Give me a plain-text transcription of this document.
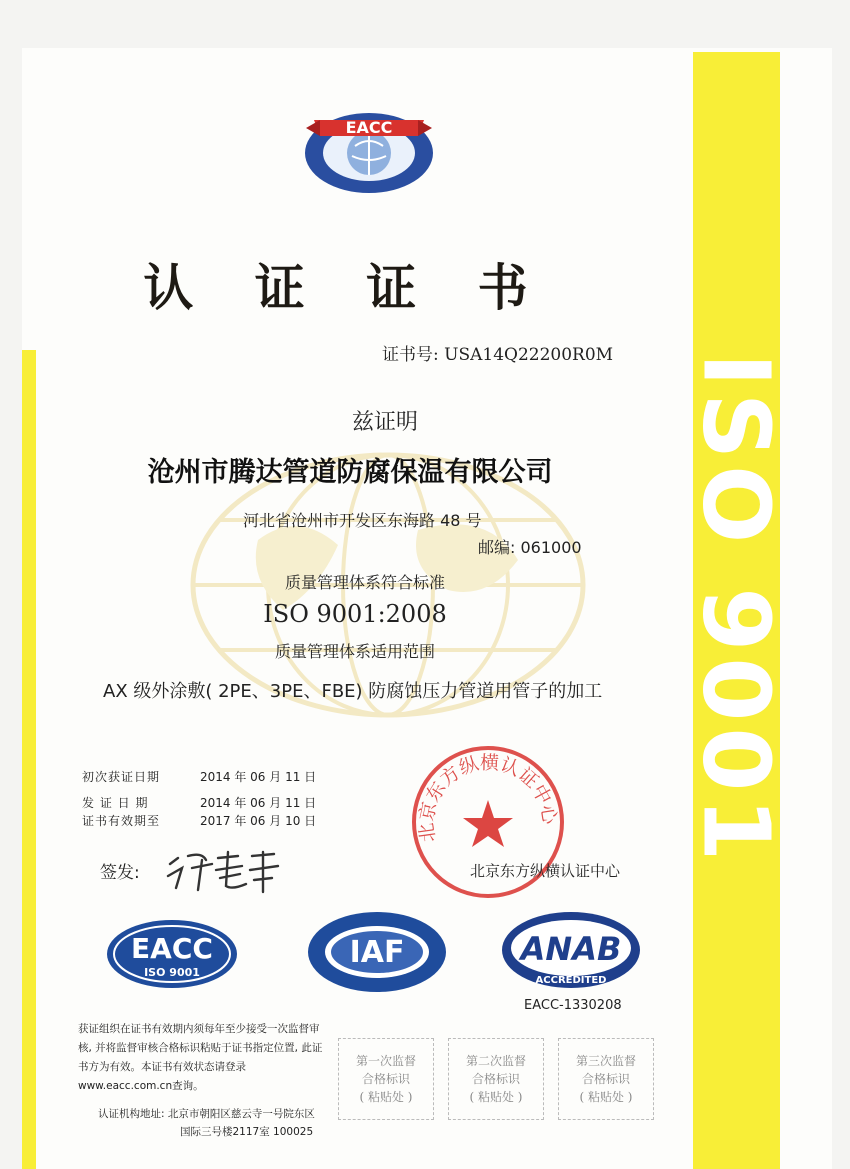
ISO 9001
EACC
认 证 证 书
证书号: USA14Q22200R0M
兹证明
沧州市腾达管道防腐保温有限公司
河北省沧州市开发区东海路 48 号
邮编: 061000
质量管理体系符合标准
ISO 9001:2008
质量管理体系适用范围
AX 级外涂敷( 2PE、3PE、FBE) 防腐蚀压力管道用管子的加工
初次获证日期	2014 年 06 月 11 日
发 证 日 期	2014 年 06 月 11 日
证书有效期至	2017 年 06 月 10 日
签发:
北京东方纵横认证中心
北京东方纵横认证中心
EACC
ISO 9001
IAF	ANAB
ACCREDITED
EACC-1330208
获证组织在证书有效期内须每年至少接受一次监督审核, 并将监督审核合格标识粘贴于证书指定位置, 此证书方为有效。本证书有效状态请登录www.eacc.com.cn查询。
第一次监督
合格标识
( 粘贴处 )
第二次监督
合格标识
( 粘贴处 )
第三次监督
合格标识
( 粘贴处 )
认证机构地址: 北京市朝阳区慈云寺一号院东区
国际三号楼2117室 100025
